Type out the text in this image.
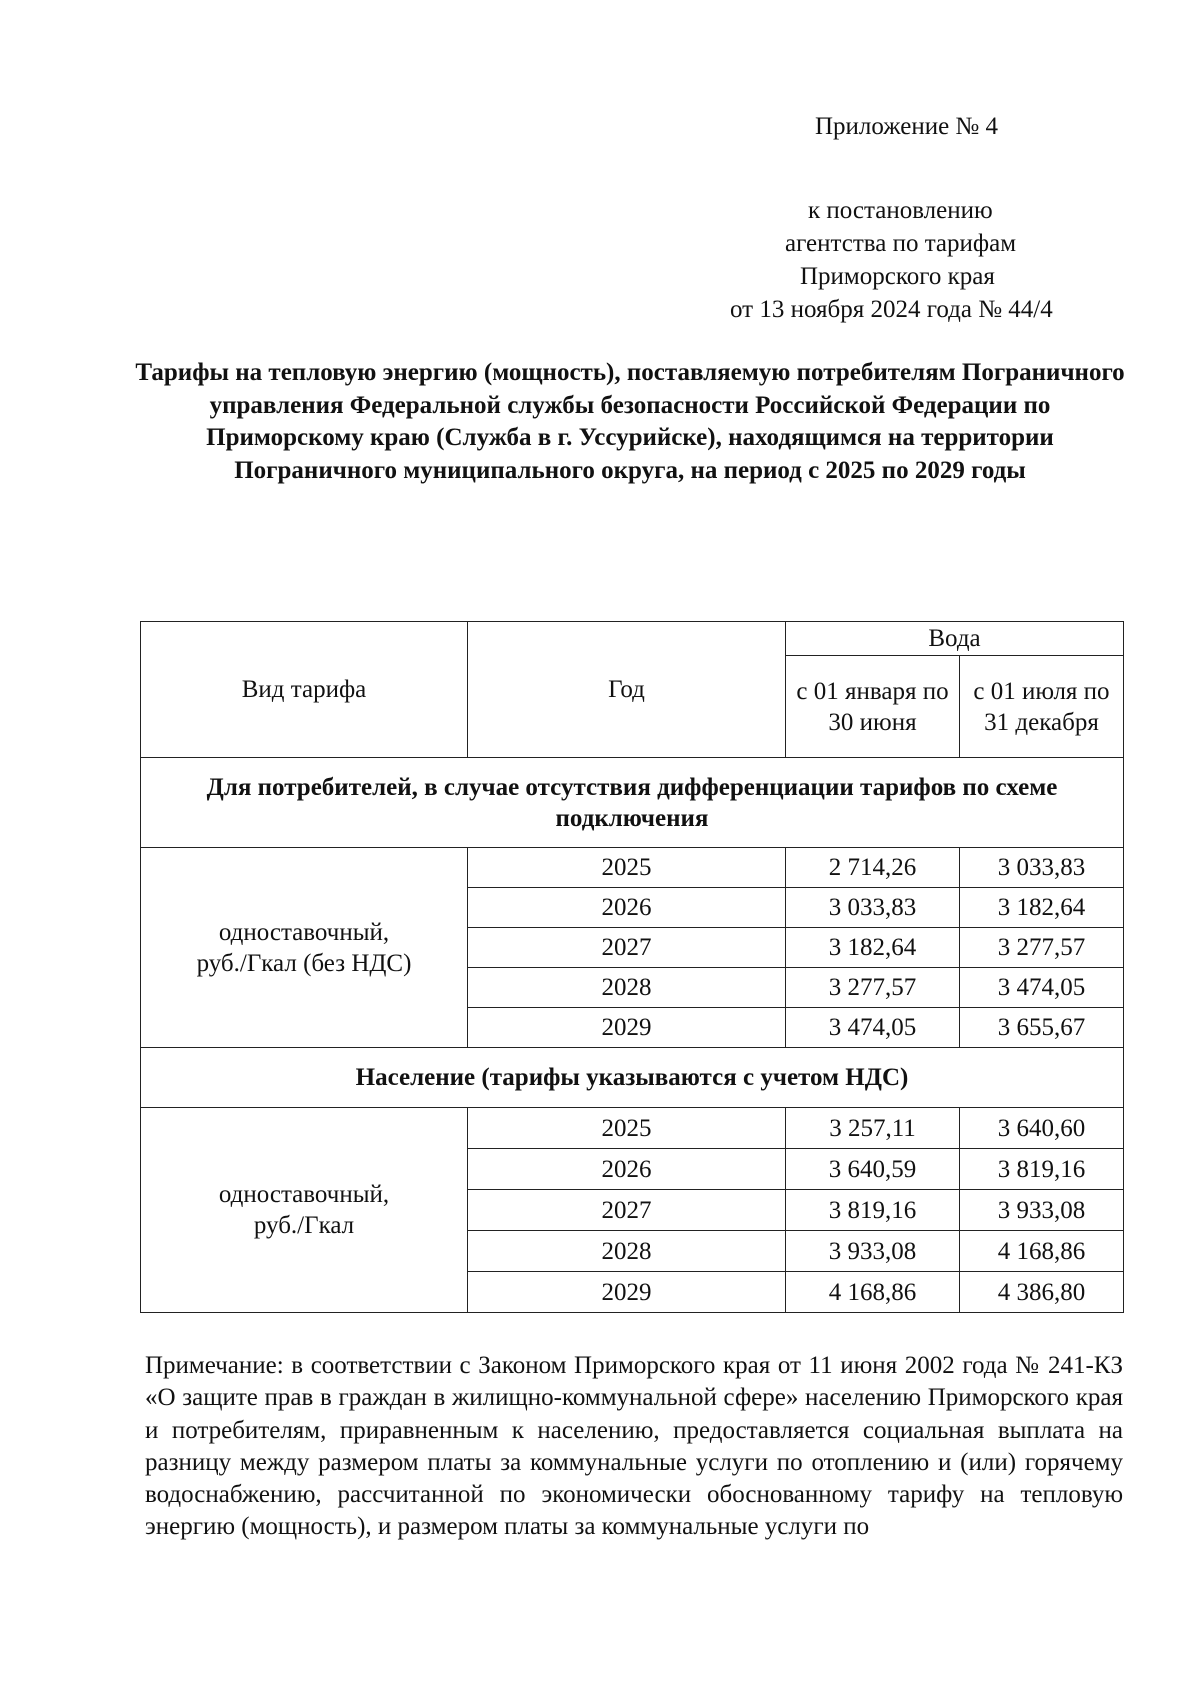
Приложение № 4
к постановлению
агентства по тарифам
Приморского края
от 13 ноября 2024 года № 44/4
Тарифы на тепловую энергию (мощность), поставляемую потребителям Пограничного управления Федеральной службы безопасности Российской Федерации по Приморскому краю (Служба в г. Уссурийске), находящимся на территории Пограничного муниципального округа, на период с 2025 по 2029 годы
Вид тарифа	Год	Вода	
		с 01 января по 30 июня	с 01 июля по 31 декабря
Для потребителей, в случае отсутствия дифференциации тарифов по схеме подключения			
одноставочный, руб./Гкал (без НДС)	2025	2 714,26	3 033,83
	2026	3 033,83	3 182,64
	2027	3 182,64	3 277,57
	2028	3 277,57	3 474,05
	2029	3 474,05	3 655,67
Население (тарифы указываются с учетом НДС)			
одноставочный, руб./Гкал	2025	3 257,11	3 640,60
	2026	3 640,59	3 819,16
	2027	3 819,16	3 933,08
	2028	3 933,08	4 168,86
	2029	4 168,86	4 386,80
Примечание: в соответствии с Законом Приморского края от 11 июня 2002 года № 241-КЗ «О защите прав в граждан в жилищно-коммунальной сфере» населению Приморского края и потребителям, приравненным к населению, предоставляется социальная выплата на разницу между размером платы за коммунальные услуги по отоплению и (или) горячему водоснабжению, рассчитанной по экономически обоснованному тарифу на тепловую энергию (мощность), и размером платы за коммунальные услуги по
